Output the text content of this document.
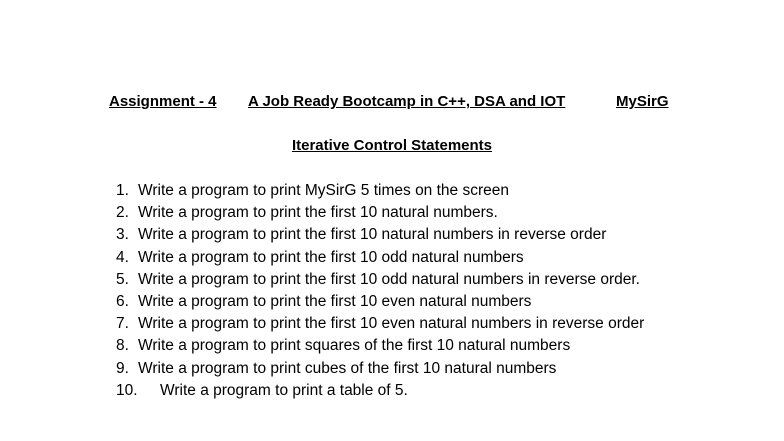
Assignment - 4 A Job Ready Bootcamp in C++, DSA and IOT	MySirG
Iterative Control Statements
1. Write a program to print MySirG 5 times on the screen
2. Write a program to print the first 10 natural numbers.
3. Write a program to print the first 10 natural numbers in reverse order
4. Write a program to print the first 10 odd natural numbers
5. Write a program to print the first 10 odd natural numbers in reverse order.
6. Write a program to print the first 10 even natural numbers
7. Write a program to print the first 10 even natural numbers in reverse order
8. Write a program to print squares of the first 10 natural numbers
9. Write a program to print cubes of the first 10 natural numbers
10.	Write a program to print a table of 5.
